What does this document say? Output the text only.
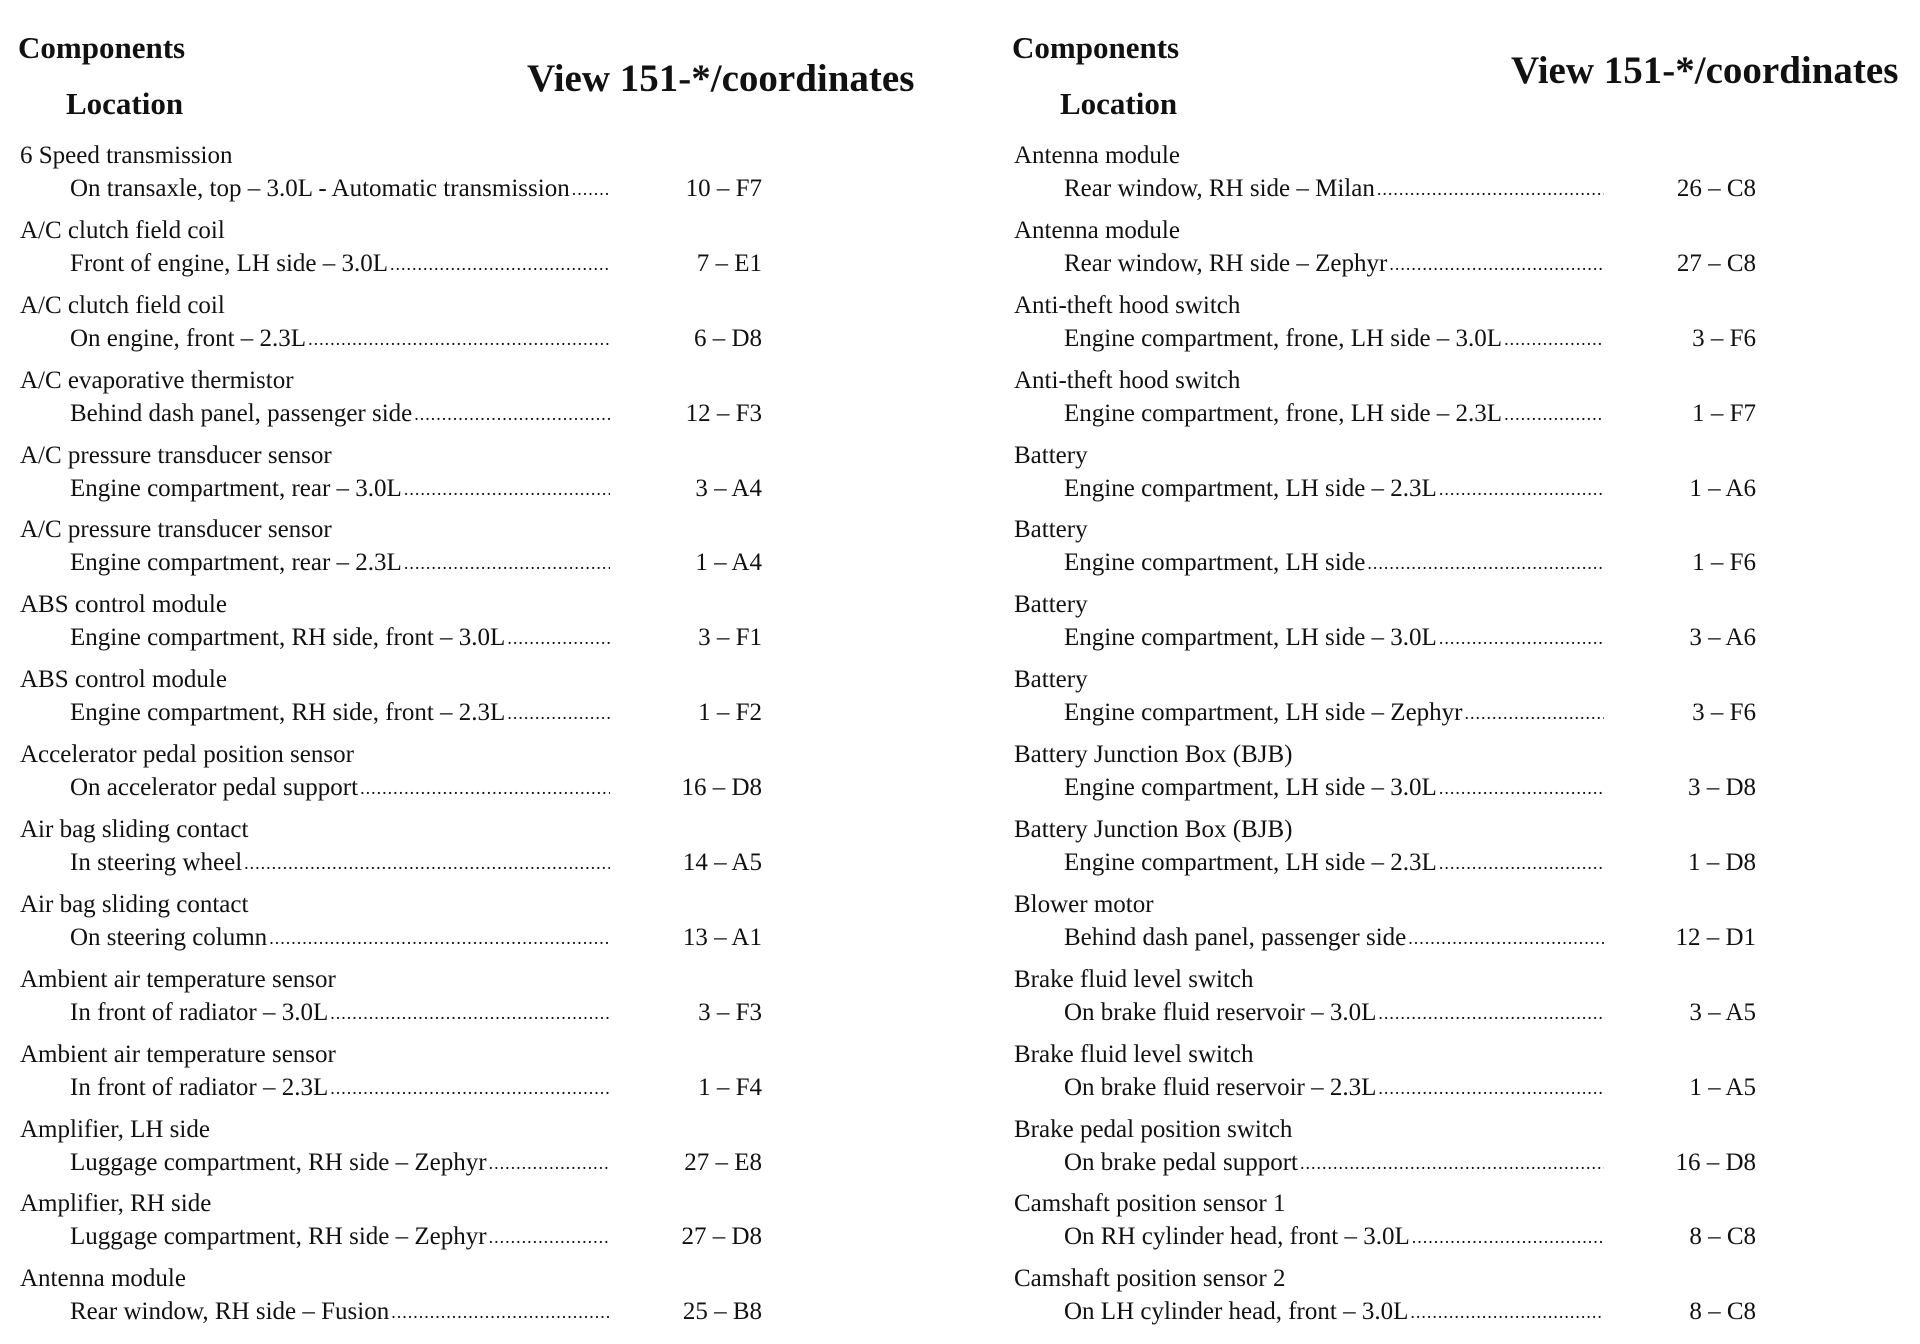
Components
Location
View 151-*/coordinates
6 Speed transmission
On transaxle, top – 3.0L - Automatic transmission .....	10 – F7
A/C clutch field coil
Front of engine, LH side – 3.0L .....	7 – E1
A/C clutch field coil
On engine, front – 2.3L .....	6 – D8
A/C evaporative thermistor
Behind dash panel, passenger side .....	12 – F3
A/C pressure transducer sensor
Engine compartment, rear – 3.0L .....	3 – A4
A/C pressure transducer sensor
Engine compartment, rear – 2.3L .....	1 – A4
ABS control module
Engine compartment, RH side, front – 3.0L .....	3 – F1
ABS control module
Engine compartment, RH side, front – 2.3L .....	1 – F2
Accelerator pedal position sensor
On accelerator pedal support .....	16 – D8
Air bag sliding contact
In steering wheel .....	14 – A5
Air bag sliding contact
On steering column .....	13 – A1
Ambient air temperature sensor
In front of radiator – 3.0L .....	3 – F3
Ambient air temperature sensor
In front of radiator – 2.3L .....	1 – F4
Amplifier, LH side
Luggage compartment, RH side – Zephyr .....	27 – E8
Amplifier, RH side
Luggage compartment, RH side – Zephyr .....	27 – D8
Antenna module
Rear window, RH side – Fusion .....	25 – B8
Components
Location
View 151-*/coordinates
Antenna module
Rear window, RH side – Milan .....	26 – C8
Antenna module
Rear window, RH side – Zephyr .....	27 – C8
Anti-theft hood switch
Engine compartment, frone, LH side – 3.0L .....	3 – F6
Anti-theft hood switch
Engine compartment, frone, LH side – 2.3L .....	1 – F7
Battery
Engine compartment, LH side – 2.3L .....	1 – A6
Battery
Engine compartment, LH side .....	1 – F6
Battery
Engine compartment, LH side – 3.0L .....	3 – A6
Battery
Engine compartment, LH side – Zephyr .....	3 – F6
Battery Junction Box (BJB)
Engine compartment, LH side – 3.0L .....	3 – D8
Battery Junction Box (BJB)
Engine compartment, LH side – 2.3L .....	1 – D8
Blower motor
Behind dash panel, passenger side .....	12 – D1
Brake fluid level switch
On brake fluid reservoir – 3.0L .....	3 – A5
Brake fluid level switch
On brake fluid reservoir – 2.3L .....	1 – A5
Brake pedal position switch
On brake pedal support .....	16 – D8
Camshaft position sensor 1
On RH cylinder head, front – 3.0L .....	8 – C8
Camshaft position sensor 2
On LH cylinder head, front – 3.0L .....	8 – C8
